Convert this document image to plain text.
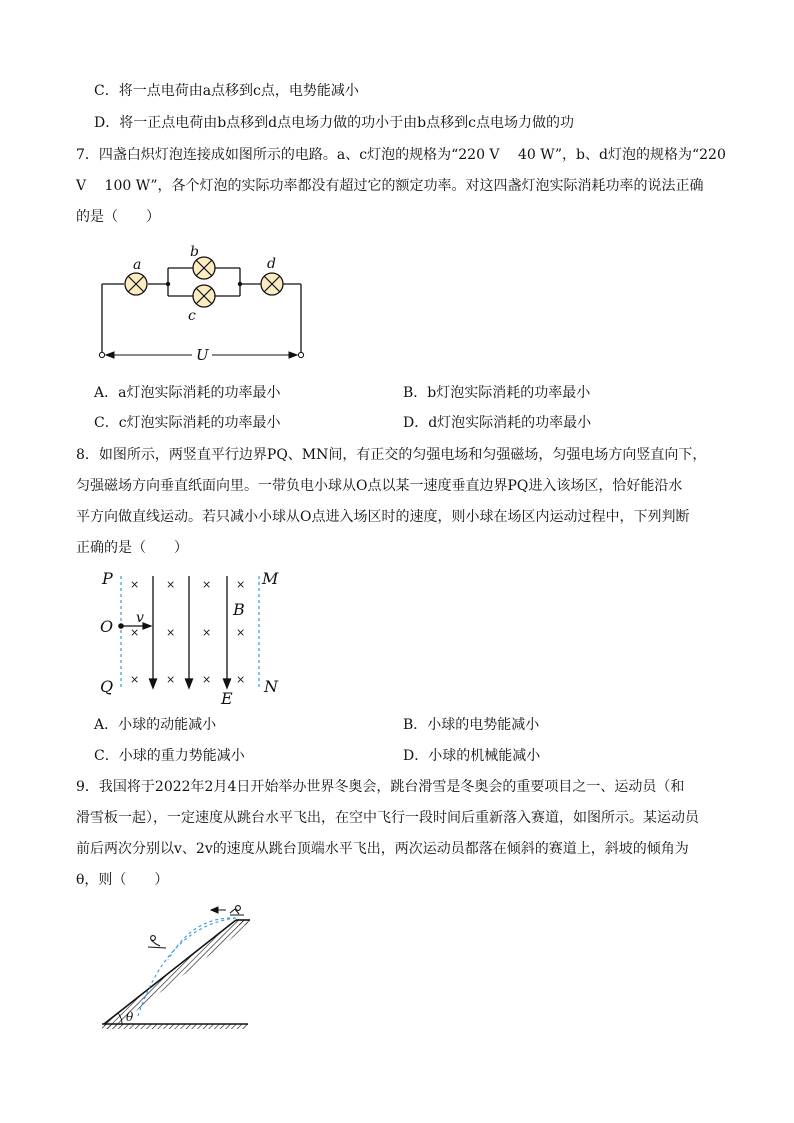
C．将一点电荷由a点移到c点，电势能减小
D．将一正点电荷由b点移到d点电场力做的功小于由b点移到c点电场力做的功
7．四盏白炽灯泡连接成如图所示的电路。a、c灯泡的规格为“220 V　 40 W”，b、d灯泡的规格为“220
V　 100 W”，各个灯泡的实际功率都没有超过它的额定功率。对这四盏灯泡实际消耗功率的说法正确
的是（　　）
U
a
b
c
d
A．a灯泡实际消耗的功率最小	B．b灯泡实际消耗的功率最小
C．c灯泡实际消耗的功率最小	D．d灯泡实际消耗的功率最小
8．如图所示，两竖直平行边界PQ、MN间，有正交的匀强电场和匀强磁场，匀强电场方向竖直向下，
匀强磁场方向垂直纸面向里。一带负电小球从O点以某一速度垂直边界PQ进入该场区，恰好能沿水
平方向做直线运动。若只减小小球从O点进入场区时的速度，则小球在场区内运动过程中，下列判断
正确的是（　　）
× × × ×
× × × ×
× × × ×
v
P
O
Q
M
N
B
E
A．小球的动能减小	B．小球的电势能减小
C．小球的重力势能减小	D．小球的机械能减小
9．我国将于2022年2月4日开始举办世界冬奥会，跳台滑雪是冬奥会的重要项目之一、运动员（和
滑雪板一起），一定速度从跳台水平飞出，在空中飞行一段时间后重新落入赛道，如图所示。某运动员
前后两次分别以v、2v的速度从跳台顶端水平飞出，两次运动员都落在倾斜的赛道上，斜坡的倾角为
θ，则（　　）
θ
